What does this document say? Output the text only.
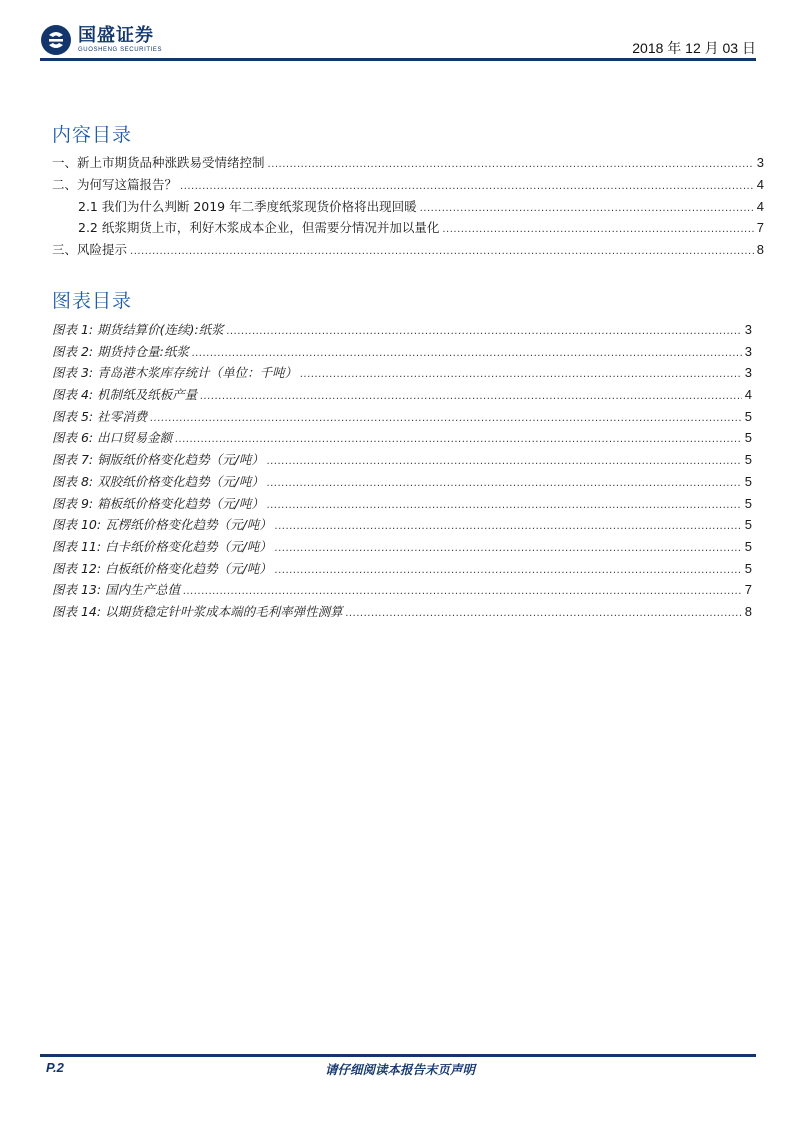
国盛证券
GUOSHENG SECURITIES	2018 年 12 月 03 日
内容目录
一、新上市期货品种涨跌易受情绪控制 .....	3
二、为何写这篇报告？ .....	4
2.1 我们为什么判断 2019 年二季度纸浆现货价格将出现回暖 .....	4
2.2 纸浆期货上市，利好木浆成本企业，但需要分情况并加以量化 .....	7
三、风险提示 .....	8
图表目录
图表 1: 期货结算价(连续):纸浆 .....	3
图表 2: 期货持仓量:纸浆 .....	3
图表 3: 青岛港木浆库存统计（单位：千吨） .....	3
图表 4: 机制纸及纸板产量 .....	4
图表 5: 社零消费 .....	5
图表 6: 出口贸易金额 .....	5
图表 7: 铜版纸价格变化趋势（元/吨） .....	5
图表 8: 双胶纸价格变化趋势（元/吨） .....	5
图表 9: 箱板纸价格变化趋势（元/吨） .....	5
图表 10: 瓦楞纸价格变化趋势（元/吨） .....	5
图表 11: 白卡纸价格变化趋势（元/吨） .....	5
图表 12: 白板纸价格变化趋势（元/吨） .....	5
图表 13: 国内生产总值 .....	7
图表 14: 以期货稳定针叶浆成本端的毛利率弹性测算 .....	8
P.2	请仔细阅读本报告末页声明
